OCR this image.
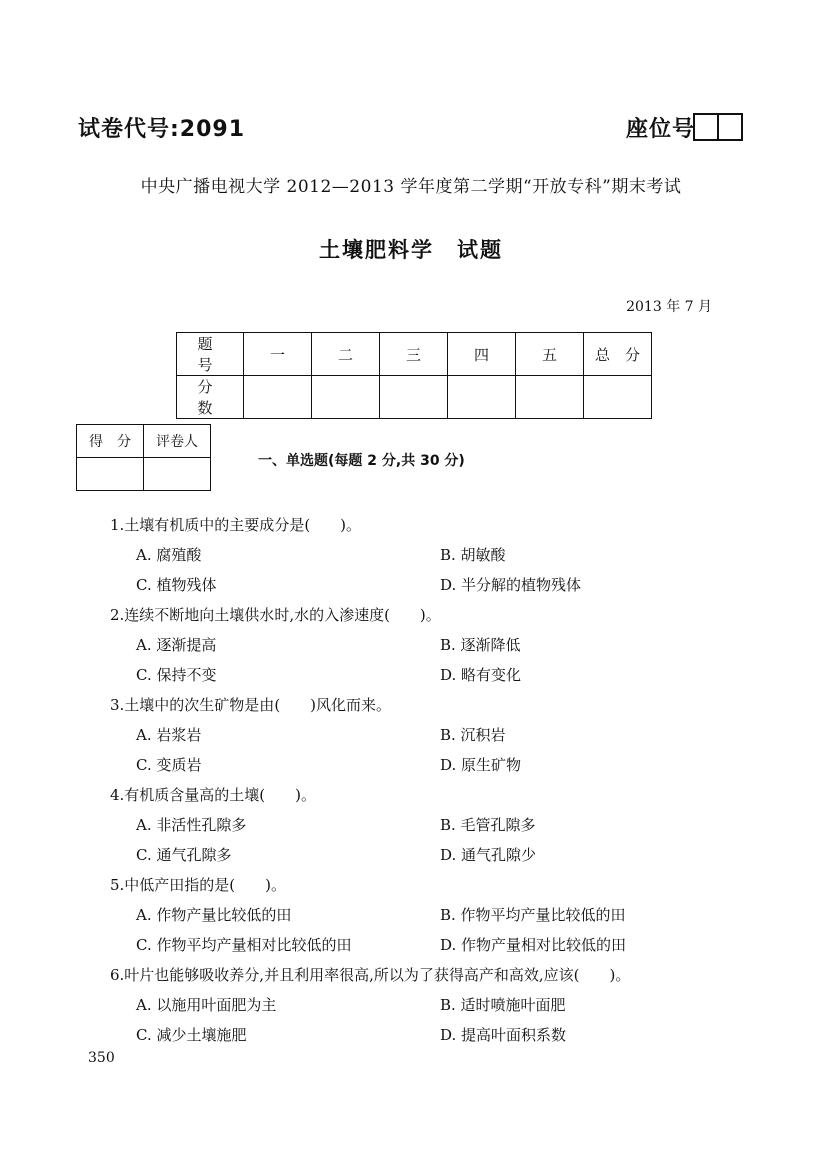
试卷代号:2091	座位号
中央广播电视大学 2012—2013 学年度第二学期“开放专科”期末考试
土壤肥料学　试题
2013 年 7 月
题　号	一	二	三	四	五	总　分
分　数						
得　分	评卷人

一、单选题(每题 2 分,共 30 分)
1.土壤有机质中的主要成分是(　　)。
A. 腐殖酸	B. 胡敏酸
C. 植物残体	D. 半分解的植物残体
2.连续不断地向土壤供水时,水的入渗速度(　　)。
A. 逐渐提高	B. 逐渐降低
C. 保持不变	D. 略有变化
3.土壤中的次生矿物是由(　　)风化而来。
A. 岩浆岩	B. 沉积岩
C. 变质岩	D. 原生矿物
4.有机质含量高的土壤(　　)。
A. 非活性孔隙多	B. 毛管孔隙多
C. 通气孔隙多	D. 通气孔隙少
5.中低产田指的是(　　)。
A. 作物产量比较低的田	B. 作物平均产量比较低的田
C. 作物平均产量相对比较低的田	D. 作物产量相对比较低的田
6.叶片也能够吸收养分,并且利用率很高,所以为了获得高产和高效,应该(　　)。
A. 以施用叶面肥为主	B. 适时喷施叶面肥
C. 减少土壤施肥	D. 提高叶面积系数
350
